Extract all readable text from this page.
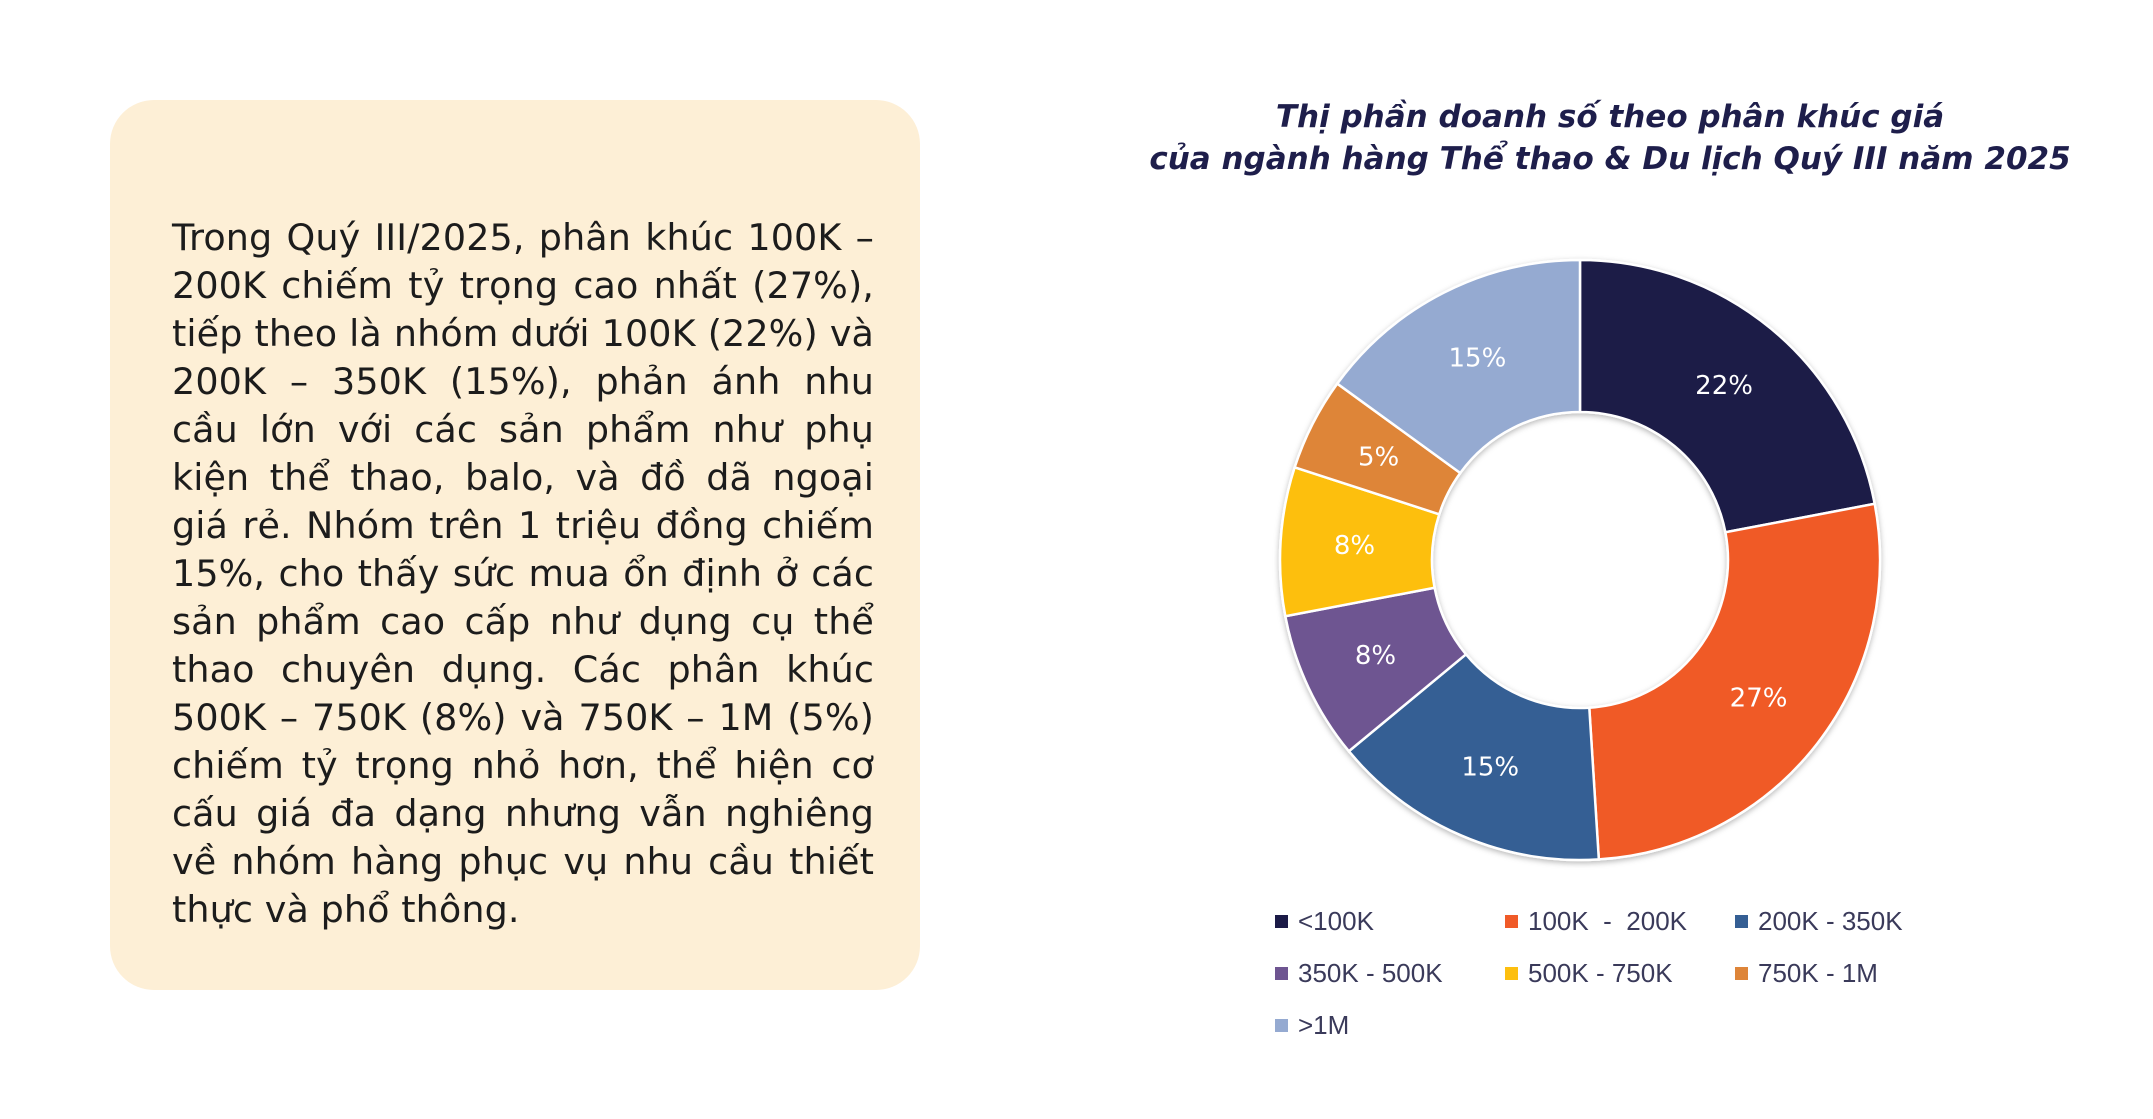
Trong Quý III/2025, phân khúc 100K – 200K chiếm tỷ trọng cao nhất (27%), tiếp theo là nhóm dưới 100K (22%) và 200K – 350K (15%), phản ánh nhu cầu lớn với các sản phẩm như phụ kiện thể thao, balo, và đồ dã ngoại giá rẻ. Nhóm trên 1 triệu đồng chiếm 15%, cho thấy sức mua ổn định ở các sản phẩm cao cấp như dụng cụ thể thao chuyên dụng. Các phân khúc 500K – 750K (8%) và 750K – 1M (5%) chiếm tỷ trọng nhỏ hơn, thể hiện cơ cấu giá đa dạng nhưng vẫn nghiêng về nhóm hàng phục vụ nhu cầu thiết thực và phổ thông.

Thị phần doanh số theo phân khúc giá
của ngành hàng Thể thao & Du lịch Quý III năm 2025
22%
27%
15%
8%
8%
5%
15%
<100K	100K  -  200K	200K - 350K
350K - 500K	500K - 750K	750K - 1M
>1M
